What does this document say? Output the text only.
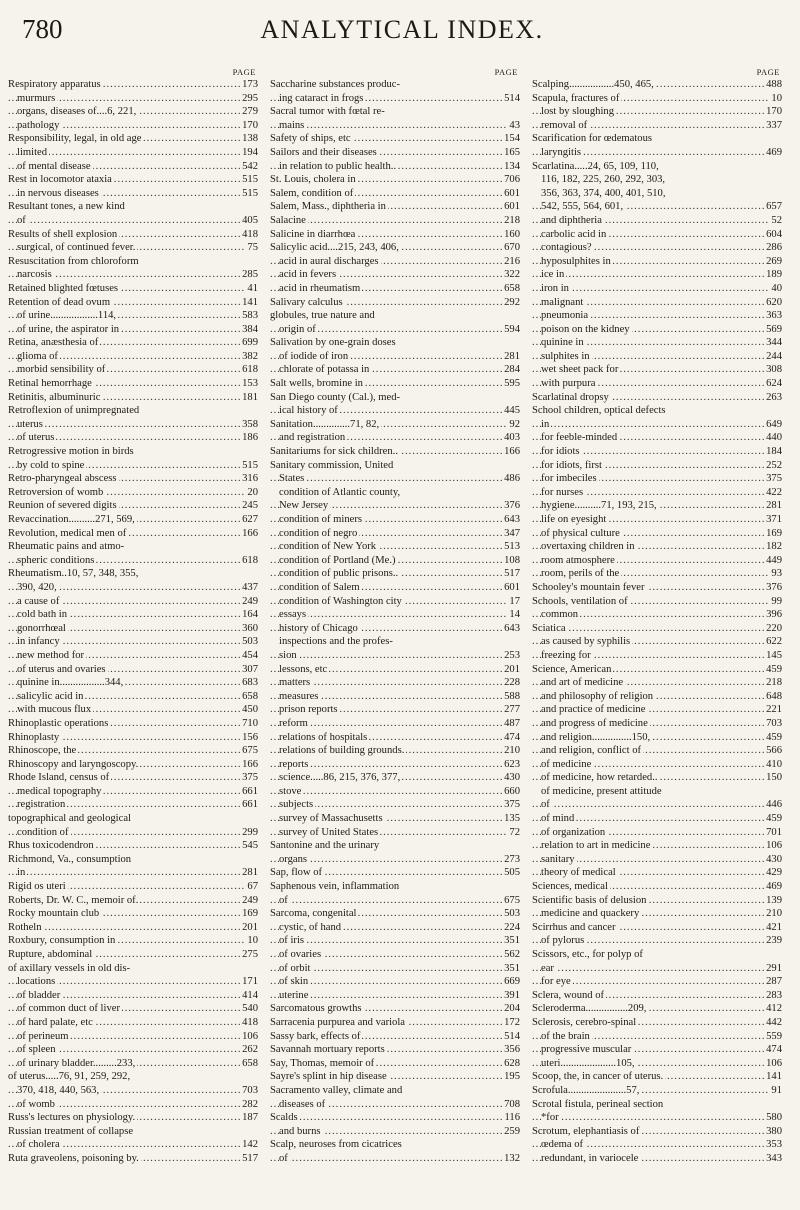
780	ANALYTICAL INDEX.
PAGE
173
Respiratory apparatus .....
295
murmurs .....
279
organs, diseases of....6, 221, .....
170
pathology .....
138
Responsibility, legal, in old age .....
194
limited .....
542
of mental disease .....
515
Rest in locomotor ataxia .....
515
in nervous diseases .....
Resultant tones, a new kind
405
of .....
418
Results of shell explosion .....
75
surgical, of continued fever. .....
Resuscitation from chloroform
285
narcosis .....
41
Retained blighted fœtuses .....
141
Retention of dead ovum .....
583
of urine..................114, .....
384
of urine, the aspirator in .....
699
Retina, anæsthesia of .....
382
glioma of .....
618
morbid sensibility of .....
153
Retinal hemorrhage .....
181
Retinitis, albuminuric .....
Retroflexion of unimpregnated
358
uterus .....
186
of uterus .....
Retrogressive motion in birds
515
by cold to spine .....
316
Retro-pharyngeal abscess .....
20
Retroversion of womb .....
245
Reunion of severed digits .....
627
Revaccination..........271, 569, .....
166
Revolution, medical men of .....
Rheumatic pains and atmo-
618
spheric conditions .....
Rheumatism..10, 57, 348, 355,
437
390, 420, .....
249
a cause of .....
164
cold bath in .....
360
gonorrhœal .....
503
in infancy .....
454
new method for .....
307
of uterus and ovaries .....
683
quinine in.................344, .....
658
salicylic acid in .....
450
with mucous flux .....
710
Rhinoplastic operations .....
156
Rhinoplasty .....
675
Rhinoscope, the .....
166
Rhinoscopy and laryngoscopy. .....
375
Rhode Island, census of .....
661
medical topography .....
661
registration .....
topographical and geological
299
condition of .....
545
Rhus toxicodendron .....
Richmond, Va., consumption
281
in .....
67
Rigid os uteri .....
249
Roberts, Dr. W. C., memoir of. .....
169
Rocky mountain club .....
201
Rotheln .....
10
Roxbury, consumption in .....
275
Rupture, abdominal .....
of axillary vessels in old dis-
171
locations .....
414
of bladder .....
540
of common duct of liver .....
418
of hard palate, etc .....
106
of perineum .....
262
of spleen .....
658
of urinary bladder.........233, .....
of uterus.....76, 91, 259, 292,
703
370, 418, 440, 563, .....
282
of womb .....
187
Russ's lectures on physiology. .....
Russian treatment of collapse
142
of cholera .....
517
Ruta graveolens, poisoning by. .....
PAGE
Saccharine substances produc-
514
ing cataract in frogs .....
Sacral tumor with fœtal re-
43
mains .....
154
Safety of ships, etc .....
165
Sailors and their diseases .....
134
in relation to public health.. .....
706
St. Louis, cholera in .....
601
Salem, condition of .....
601
Salem, Mass., diphtheria in .....
218
Salacine .....
160
Salicine in diarrhœa .....
670
Salicylic acid....215, 243, 406, .....
216
acid in aural discharges .....
322
acid in fevers .....
658
acid in rheumatism .....
292
Salivary calculus .....
globules, true nature and
594
origin of .....
Salivation by one-grain doses
281
of iodide of iron .....
284
chlorate of potassa in .....
595
Salt wells, bromine in .....
San Diego county (Cal.), med-
445
ical history of .....
92
Sanitation..............71, 82, .....
403
and registration .....
166
Sanitariums for sick children.. .....
Sanitary commission, United
486
States .....
condition of Atlantic county,
376
New Jersey .....
643
condition of miners .....
347
condition of negro .....
513
condition of New York .....
108
condition of Portland (Me.) .....
517
condition of public prisons.. .....
601
condition of Salem .....
17
condition of Washington city .....
14
essays .....
643
history of Chicago .....
inspections and the profes-
253
sion .....
201
lessons, etc .....
228
matters .....
588
measures .....
277
prison reports .....
487
reform .....
474
relations of hospitals .....
210
relations of building grounds. .....
623
reports .....
430
science.....86, 215, 376, 377, .....
660
stove .....
375
subjects .....
135
survey of Massachusetts .....
72
survey of United States .....
Santonine and the urinary
273
organs .....
505
Sap, flow of .....
Saphenous vein, inflammation
675
of .....
503
Sarcoma, congenital .....
224
cystic, of hand .....
351
of iris .....
562
of ovaries .....
351
of orbit .....
669
of skin .....
391
uterine .....
204
Sarcomatous growths .....
172
Sarracenia purpurea and variola .....
514
Sassy bark, effects of .....
356
Savannah mortuary reports .....
628
Say, Thomas, memoir of .....
195
Sayre's splint in hip disease .....
Sacramento valley, climate and
708
diseases of .....
116
Scalds .....
259
and burns .....
Scalp, neuroses from cicatrices
132
of .....
PAGE
488
Scalping.................450, 465, .....
10
Scapula, fractures of .....
170
lost by sloughing .....
337
removal of .....
Scarification for œdematous
469
laryngitis .....
Scarlatina.....24, 65, 109, 110,
116, 182, 225, 260, 292, 303,
356, 363, 374, 400, 401, 510,
657
542, 555, 564, 601, .....
52
and diphtheria .....
604
carbolic acid in .....
286
contagious? .....
269
hyposulphites in .....
189
ice in .....
40
iron in .....
620
malignant .....
363
pneumonia .....
569
poison on the kidney .....
344
quinine in .....
244
sulphites in .....
308
wet sheet pack for .....
624
with purpura .....
263
Scarlatinal dropsy .....
School children, optical defects
649
in .....
440
for feeble-minded .....
184
for idiots .....
252
for idiots, first .....
375
for imbeciles .....
422
for nurses .....
281
hygiene..........71, 193, 215, .....
371
life on eyesight .....
169
of physical culture .....
182
overtaxing children in .....
449
room atmosphere .....
93
room, perils of the .....
376
Schooley's mountain fever .....
99
Schools, ventilation of .....
396
common .....
220
Sciatica .....
622
as caused by syphilis .....
145
freezing for .....
459
Science, American .....
218
and art of medicine .....
648
and philosophy of religion .....
221
and practice of medicine .....
703
and progress of medicine .....
459
and religion...............150, .....
566
and religion, conflict of .....
410
of medicine .....
150
of medicine, how retarded.. .....
of medicine, present attitude
446
of .....
459
of mind .....
701
of organization .....
106
relation to art in medicine .....
430
sanitary .....
429
theory of medical .....
469
Sciences, medical .....
139
Scientific basis of delusion .....
210
medicine and quackery .....
421
Scirrhus and cancer .....
239
of pylorus .....
Scissors, etc., for polyp of
291
ear .....
287
for eye .....
283
Sclera, wound of .....
412
Scleroderma................209, .....
442
Sclerosis, cerebro-spinal .....
559
of the brain .....
474
progressive muscular .....
106
uteri.....................105, .....
141
Scoop, the, in cancer of uterus. .....
91
Scrofula......................57, .....
Scrotal fistula, perineal section
580
*for .....
380
Scrotum, elephantiasis of .....
353
œdema of .....
343
redundant, in variocele .....
